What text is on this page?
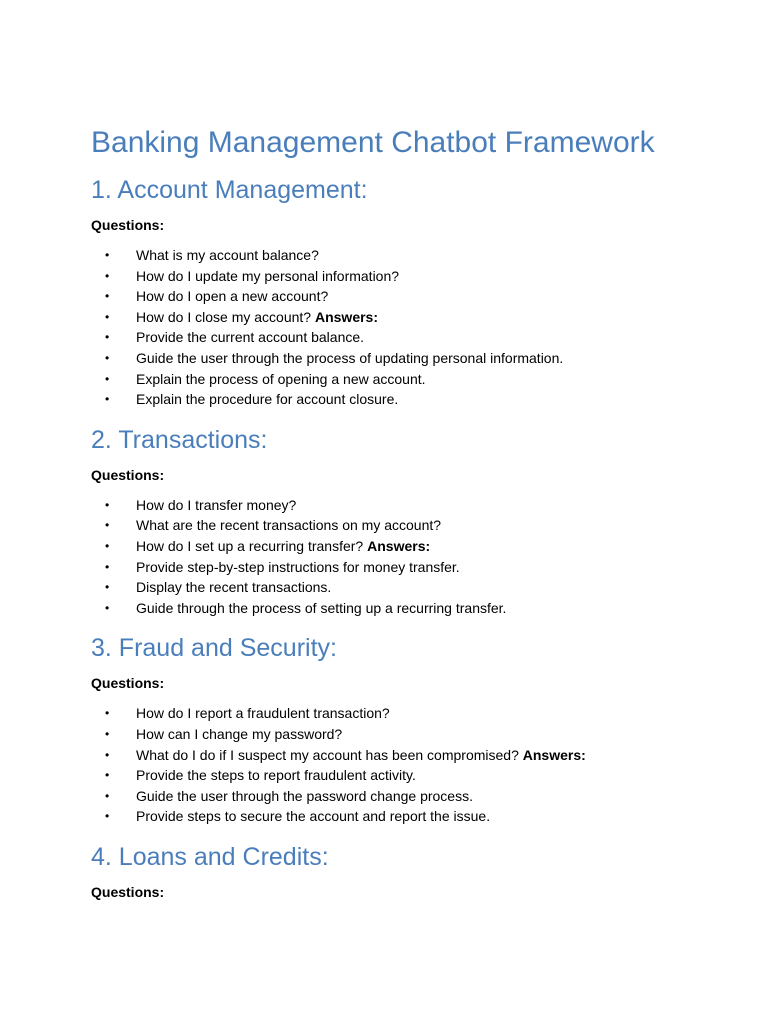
Banking Management Chatbot Framework
1. Account Management:
Questions:
• What is my account balance?
• How do I update my personal information?
• How do I open a new account?
• How do I close my account? Answers:
• Provide the current account balance.
• Guide the user through the process of updating personal information.
• Explain the process of opening a new account.
• Explain the procedure for account closure.
2. Transactions:
Questions:
• How do I transfer money?
• What are the recent transactions on my account?
• How do I set up a recurring transfer? Answers:
• Provide step-by-step instructions for money transfer.
• Display the recent transactions.
• Guide through the process of setting up a recurring transfer.
3. Fraud and Security:
Questions:
• How do I report a fraudulent transaction?
• How can I change my password?
• What do I do if I suspect my account has been compromised? Answers:
• Provide the steps to report fraudulent activity.
• Guide the user through the password change process.
• Provide steps to secure the account and report the issue.
4. Loans and Credits:
Questions:
